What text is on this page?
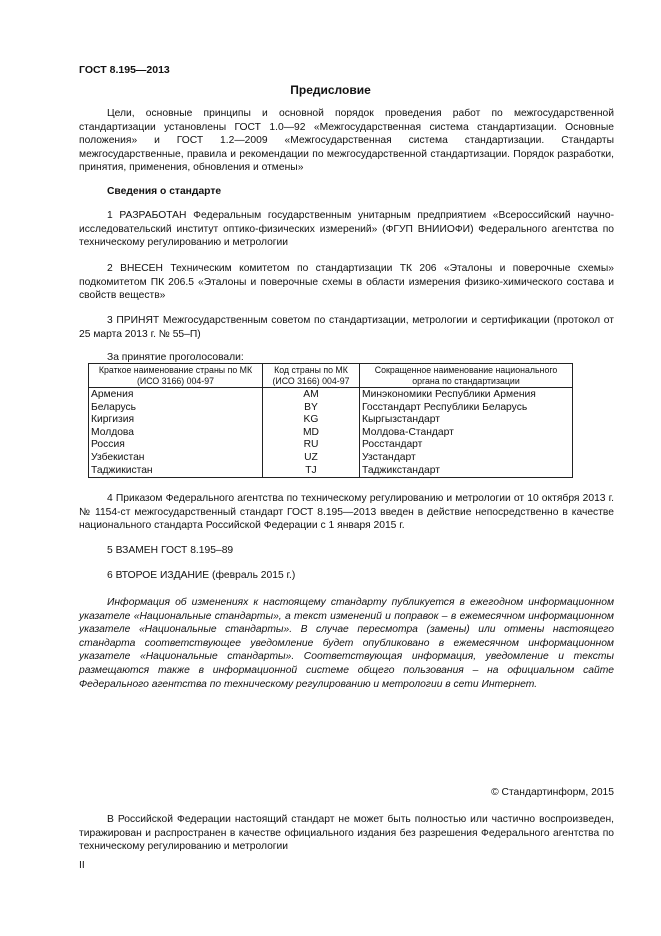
ГОСТ 8.195—2013
Предисловие
Цели, основные принципы и основной порядок проведения работ по межгосударственной стандартизации установлены ГОСТ 1.0—92 «Межгосударственная система стандартизации. Основные положения» и ГОСТ 1.2—2009 «Межгосударственная система стандартизации. Стандарты межгосударственные, правила и рекомендации по межгосударственной стандартизации. Порядок разработки, принятия, применения, обновления и отмены»
Сведения о стандарте
1 РАЗРАБОТАН Федеральным государственным унитарным предприятием «Всероссийский научно-исследовательский институт оптико-физических измерений» (ФГУП ВНИИОФИ) Федерального агентства по техническому регулированию и метрологии
2 ВНЕСЕН Техническим комитетом по стандартизации ТК 206 «Эталоны и поверочные схемы» подкомитетом ПК 206.5 «Эталоны и поверочные схемы в области измерения физико-химического состава и свойств веществ»
3 ПРИНЯТ Межгосударственным советом по стандартизации, метрологии и сертификации (протокол от 25 марта 2013 г. № 55–П)
За принятие проголосовали:
Краткое наименование страны по МК (ИСО 3166) 004-97	Код страны по МК (ИСО 3166) 004-97	Сокращенное наименование национального органа по стандартизации
Армения	AM	Минэкономики Республики Армения
Беларусь	BY	Госстандарт Республики Беларусь
Киргизия	KG	Кыргызстандарт
Молдова	MD	Молдова-Стандарт
Россия	RU	Росстандарт
Узбекистан	UZ	Узстандарт
Таджикистан	TJ	Таджикстандарт
4 Приказом Федерального агентства по техническому регулированию и метрологии от 10 октября 2013 г. № 1154-ст межгосударственный стандарт ГОСТ 8.195—2013 введен в действие непосредственно в качестве национального стандарта Российской Федерации с 1 января 2015 г.
5 ВЗАМЕН ГОСТ 8.195–89
6 ВТОРОЕ ИЗДАНИЕ (февраль 2015 г.)
Информация об изменениях к настоящему стандарту публикуется в ежегодном информационном указателе «Национальные стандарты», а текст изменений и поправок – в ежемесячном информационном указателе «Национальные стандарты». В случае пересмотра (замены) или отмены настоящего стандарта соответствующее уведомление будет опубликовано в ежемесячном информационном указателе «Национальные стандарты». Соответствующая информация, уведомление и тексты размещаются также в информационной системе общего пользования – на официальном сайте Федерального агентства по техническому регулированию и метрологии в сети Интернет.
© Стандартинформ, 2015
В Российской Федерации настоящий стандарт не может быть полностью или частично воспроизведен, тиражирован и распространен в качестве официального издания без разрешения Федерального агентства по техническому регулированию и метрологии
II
